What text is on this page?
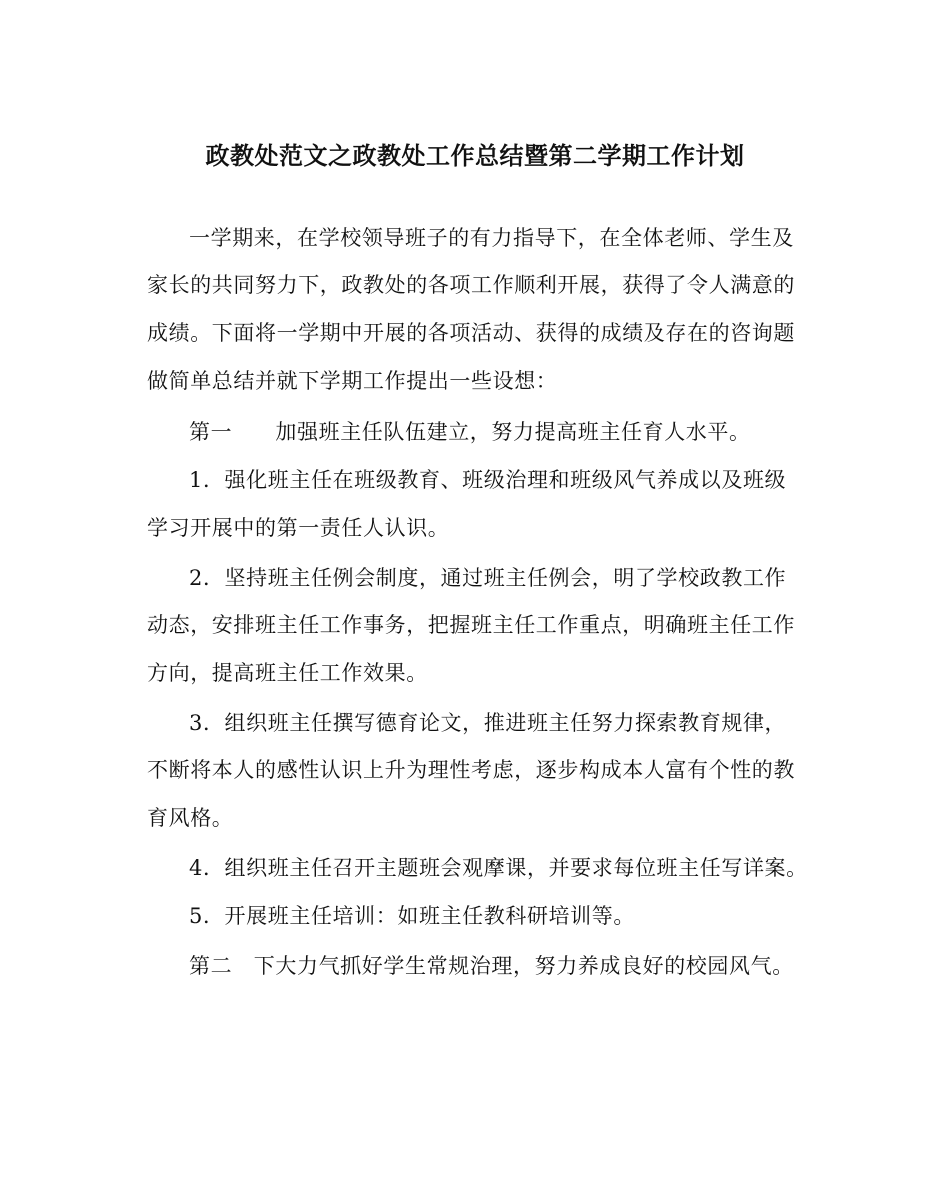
政教处范文之政教处工作总结暨第二学期工作计划
一学期来，在学校领导班子的有力指导下，在全体老师、学生及
家长的共同努力下，政教处的各项工作顺利开展，获得了令人满意的
成绩。下面将一学期中开展的各项活动、获得的成绩及存在的咨询题
做简单总结并就下学期工作提出一些设想：
第一　　加强班主任队伍建立，努力提高班主任育人水平。
1．强化班主任在班级教育、班级治理和班级风气养成以及班级
学习开展中的第一责任人认识。
2．坚持班主任例会制度，通过班主任例会，明了学校政教工作
动态，安排班主任工作事务，把握班主任工作重点，明确班主任工作
方向，提高班主任工作效果。
3．组织班主任撰写德育论文，推进班主任努力探索教育规律，
不断将本人的感性认识上升为理性考虑，逐步构成本人富有个性的教
育风格。
4．组织班主任召开主题班会观摩课，并要求每位班主任写详案。
5．开展班主任培训：如班主任教科研培训等。
第二　下大力气抓好学生常规治理，努力养成良好的校园风气。
